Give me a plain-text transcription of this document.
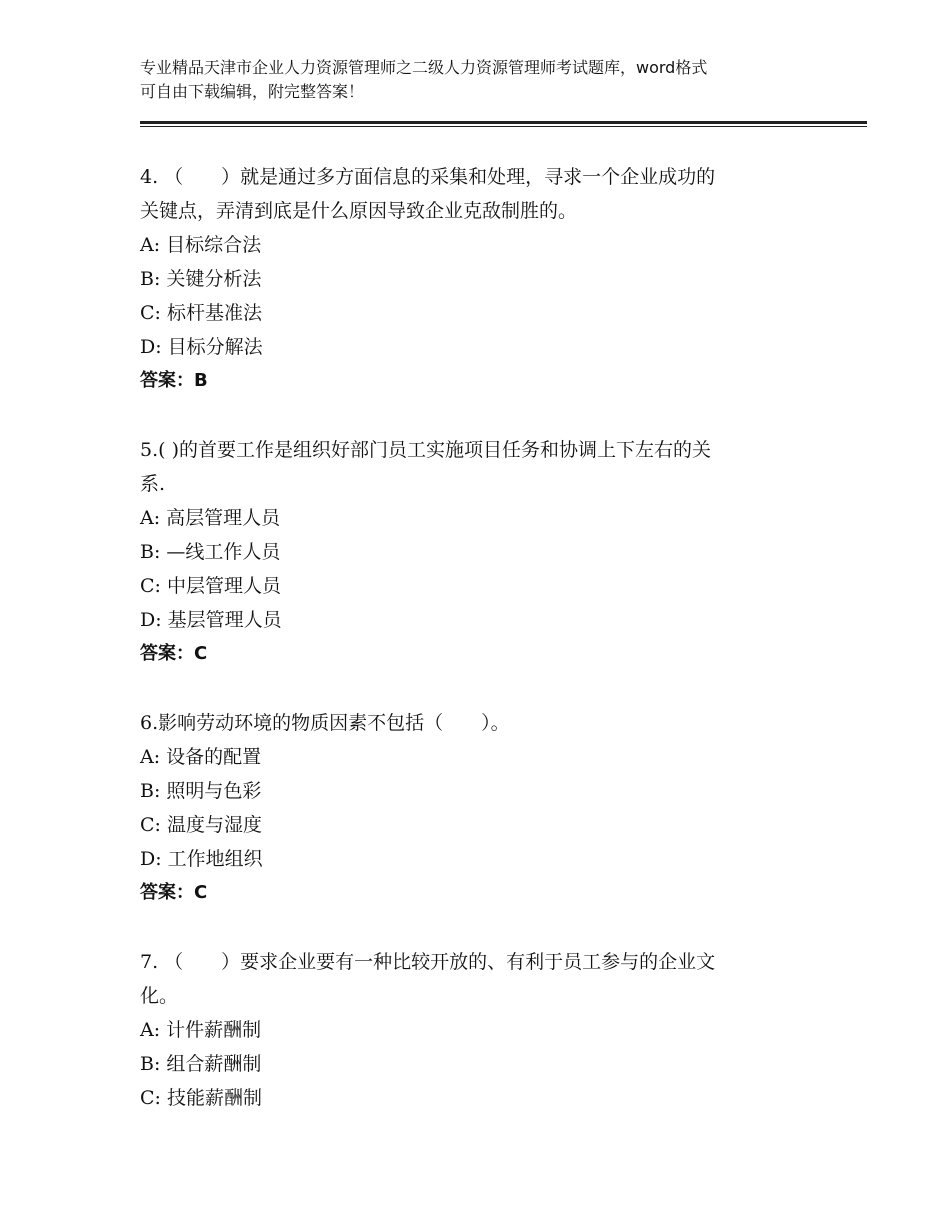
专业精品天津市企业人力资源管理师之二级人力资源管理师考试题库，word格式
可自由下载编辑，附完整答案！
4. （　　）就是通过多方面信息的采集和处理，寻求一个企业成功的
关键点，弄清到底是什么原因导致企业克敌制胜的。
A: 目标综合法
B: 关键分析法
C: 标杆基准法
D: 目标分解法
答案：B
5.( )的首要工作是组织好部门员工实施项目任务和协调上下左右的关
系.
A: 高层管理人员
B: —线工作人员
C: 中层管理人员
D: 基层管理人员
答案：C
6.影响劳动环境的物质因素不包括（　　）。
A: 设备的配置
B: 照明与色彩
C: 温度与湿度
D: 工作地组织
答案：C
7. （　　）要求企业要有一种比较开放的、有利于员工参与的企业文
化。
A: 计件薪酬制
B: 组合薪酬制
C: 技能薪酬制
